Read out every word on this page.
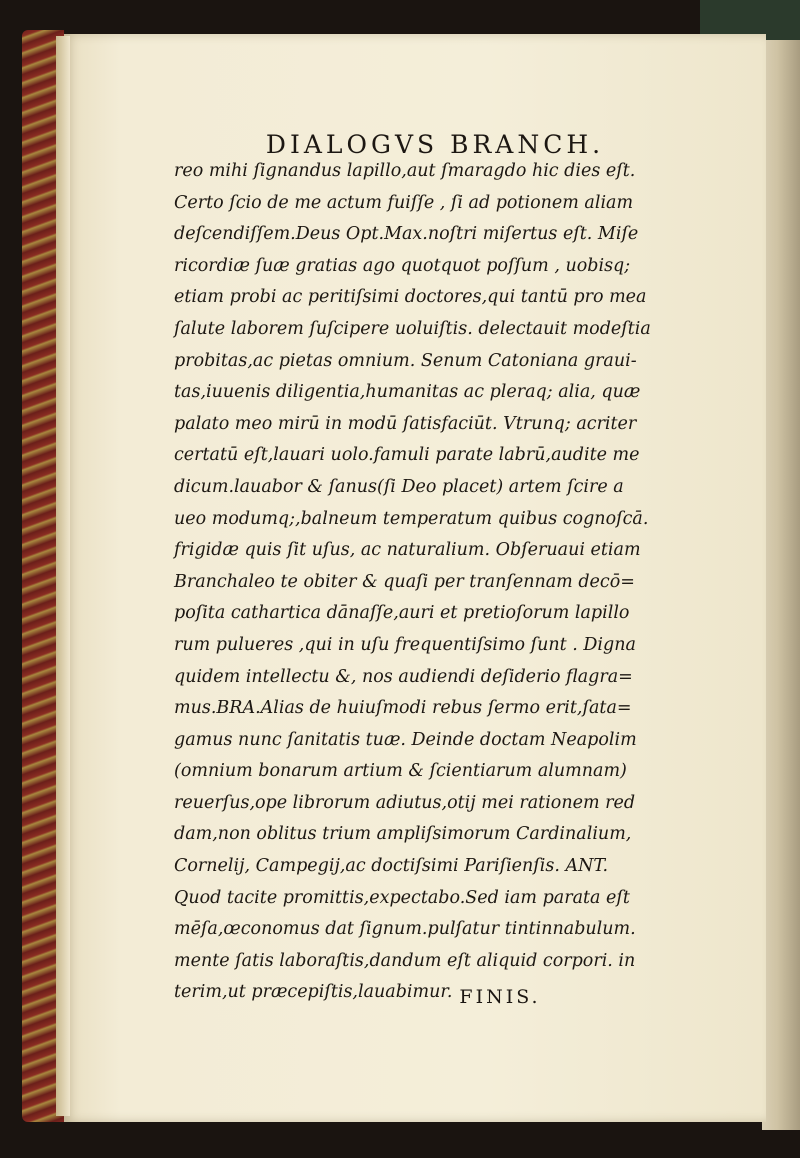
DIALOGVS BRANCH.
FINIS.
reo mihi ſignandus lapillo,aut ſmaragdo hic dies eſt.
Certo ſcio de me actum fuiſſe , ſi ad potionem aliam
deſcendiſſem.Deus Opt.Max.noſtri miſertus eſt. Miſe
ricordiæ ſuæ gratias ago quotquot poſſum , uobisq;
etiam probi ac peritiſsimi doctores,qui tantū pro mea
ſalute laborem ſuſcipere uoluiſtis. delectauit modeſtia
probitas,ac pietas omnium. Senum Catoniana graui-
tas,iuuenis diligentia,humanitas ac pleraq; alia, quæ
palato meo mirū in modū ſatisfaciūt. Vtrunq; acriter
certatū eſt,lauari uolo.famuli parate labrū,audite me
dicum.lauabor & ſanus(ſi Deo placet) artem ſcire a
ueo modumq;,balneum temperatum quibus cognoſcā.
frigidæ quis ſit uſus, ac naturalium. Obſeruaui etiam
Branchaleo te obiter & quaſi per tranſennam decō=
poſita cathartica dānaſſe,auri et pretioſorum lapillo
rum pulueres ,qui in uſu frequentiſsimo ſunt . Digna
quidem intellectu &, nos audiendi deſiderio flagra=
mus.BRA.Alias de huiuſmodi rebus ſermo erit,ſata=
gamus nunc ſanitatis tuæ. Deinde doctam Neapolim
(omnium bonarum artium & ſcientiarum alumnam)
reuerſus,ope librorum adiutus,otij mei rationem red
dam,non oblitus trium ampliſsimorum Cardinalium,
Cornelij, Campegij,ac doctiſsimi Pariſienſis. ANT.
Quod tacite promittis,expectabo.Sed iam parata eſt
mēſa,œconomus dat ſignum.pulſatur tintinnabulum.
mente ſatis laboraſtis,dandum eſt aliquid corpori. in
terim,ut præcepiſtis,lauabimur.
